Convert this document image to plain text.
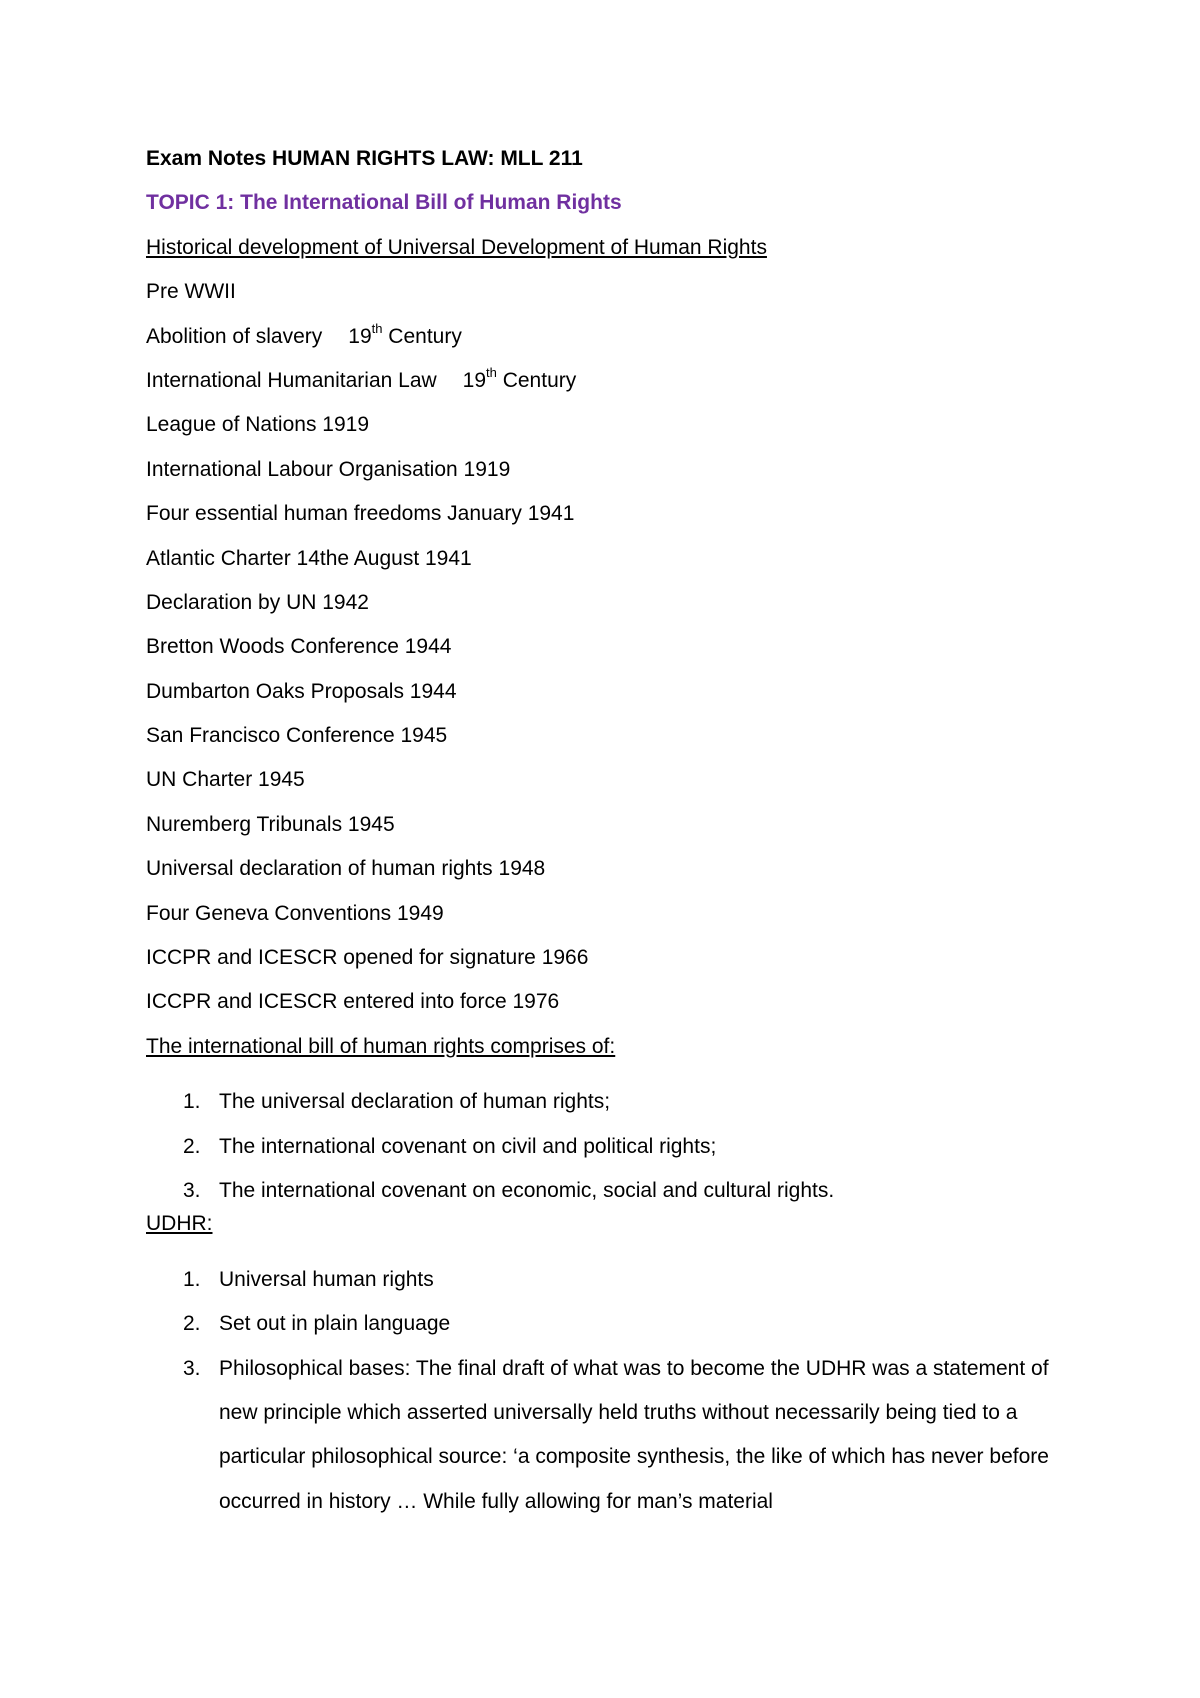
Exam Notes HUMAN RIGHTS LAW: MLL 211
TOPIC 1: The International Bill of Human Rights
Historical development of Universal Development of Human Rights
Pre WWII
Abolition of slavery 19th Century
International Humanitarian Law 19th Century
League of Nations 1919
International Labour Organisation 1919
Four essential human freedoms January 1941
Atlantic Charter 14the August 1941
Declaration by UN 1942
Bretton Woods Conference 1944
Dumbarton Oaks Proposals 1944
San Francisco Conference 1945
UN Charter 1945
Nuremberg Tribunals 1945
Universal declaration of human rights 1948
Four Geneva Conventions 1949
ICCPR and ICESCR opened for signature 1966
ICCPR and ICESCR entered into force 1976
The international bill of human rights comprises of:
1. The universal declaration of human rights;
2. The international covenant on civil and political rights;
3. The international covenant on economic, social and cultural rights.
UDHR:
1. Universal human rights
2. Set out in plain language
3. Philosophical bases: The final draft of what was to become the UDHR was a statement of new principle which asserted universally held truths without necessarily being tied to a particular philosophical source: ‘a composite synthesis, the like of which has never before occurred in history … While fully allowing for man’s material
